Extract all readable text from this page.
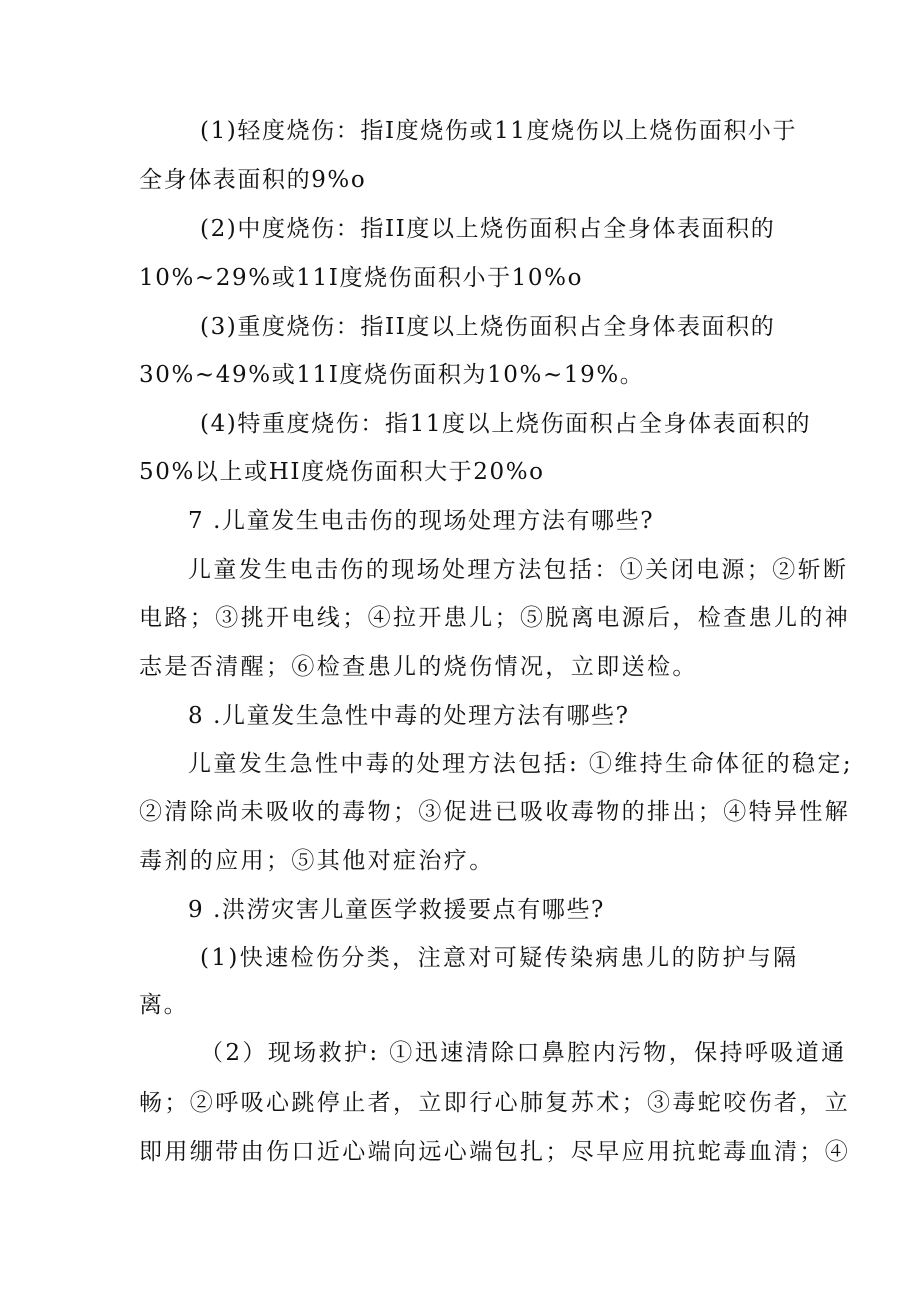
(1)轻度烧伤：指I度烧伤或11度烧伤以上烧伤面积小于
全身体表面积的9%o
(2)中度烧伤：指II度以上烧伤面积占全身体表面积的
10%~29%或11I度烧伤面积小于10%o
(3)重度烧伤：指II度以上烧伤面积占全身体表面积的
30%~49%或11I度烧伤面积为10%~19%。
(4)特重度烧伤：指11度以上烧伤面积占全身体表面积的
50%以上或HI度烧伤面积大于20%o
7 .儿童发生电击伤的现场处理方法有哪些?
儿童发生电击伤的现场处理方法包括：①关闭电源；②斩断
电路；③挑开电线；④拉开患儿；⑤脱离电源后，检查患儿的神
志是否清醒；⑥检查患儿的烧伤情况，立即送检。
8 .儿童发生急性中毒的处理方法有哪些?
儿童发生急性中毒的处理方法包括: ①维持生命体征的稳定;
②清除尚未吸收的毒物；③促进已吸收毒物的排出；④特异性解
毒剂的应用；⑤其他对症治疗。
9 .洪涝灾害儿童医学救援要点有哪些?
(1)快速检伤分类，注意对可疑传染病患儿的防护与隔
离。
（2）现场救护: ①迅速清除口鼻腔内污物，保持呼吸道通
畅；②呼吸心跳停止者，立即行心肺复苏术；③毒蛇咬伤者，立
即用绷带由伤口近心端向远心端包扎；尽早应用抗蛇毒血清；④
